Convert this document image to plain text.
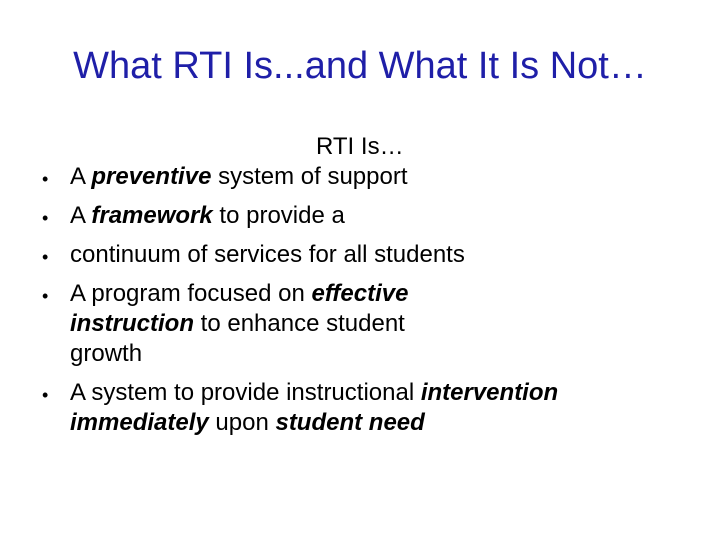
What RTI Is...and What It Is Not…
RTI Is…
• A preventive system of support
• A framework to provide a
• continuum of services for all students
• A program focused on effective instruction to enhance student growth
• A system to provide instructional intervention immediately upon student need
